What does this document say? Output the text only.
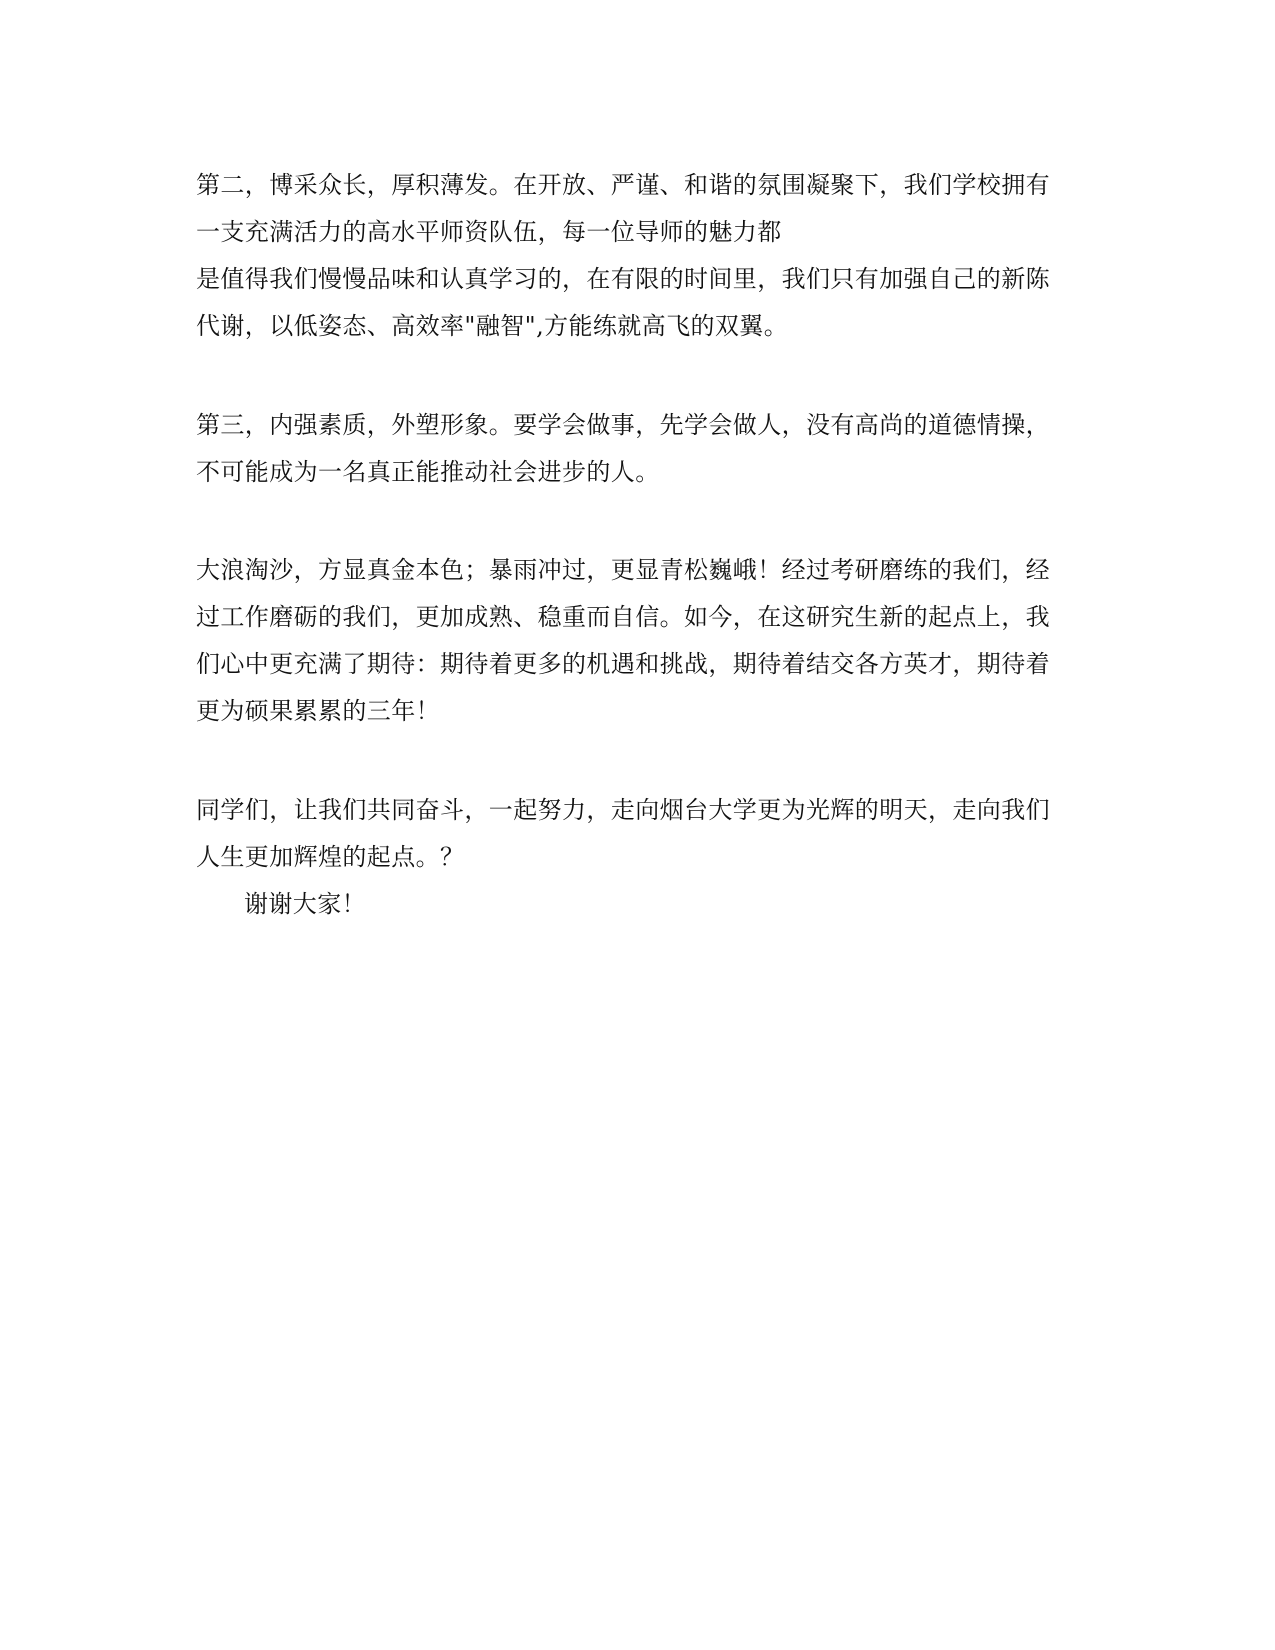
第二，博采众长，厚积薄发。在开放、严谨、和谐的氛围凝聚下，我们学校拥有
一支充满活力的高水平师资队伍，每一位导师的魅力都
是值得我们慢慢品味和认真学习的，在有限的时间里，我们只有加强自己的新陈
代谢，以低姿态、高效率"融智",方能练就高飞的双翼。
第三，内强素质，外塑形象。要学会做事，先学会做人，没有高尚的道德情操，
不可能成为一名真正能推动社会进步的人。
大浪淘沙，方显真金本色；暴雨冲过，更显青松巍峨！经过考研磨练的我们，经
过工作磨砺的我们，更加成熟、稳重而自信。如今，在这研究生新的起点上，我
们心中更充满了期待：期待着更多的机遇和挑战，期待着结交各方英才，期待着
更为硕果累累的三年！
同学们，让我们共同奋斗，一起努力，走向烟台大学更为光辉的明天，走向我们
人生更加辉煌的起点。？
谢谢大家！
